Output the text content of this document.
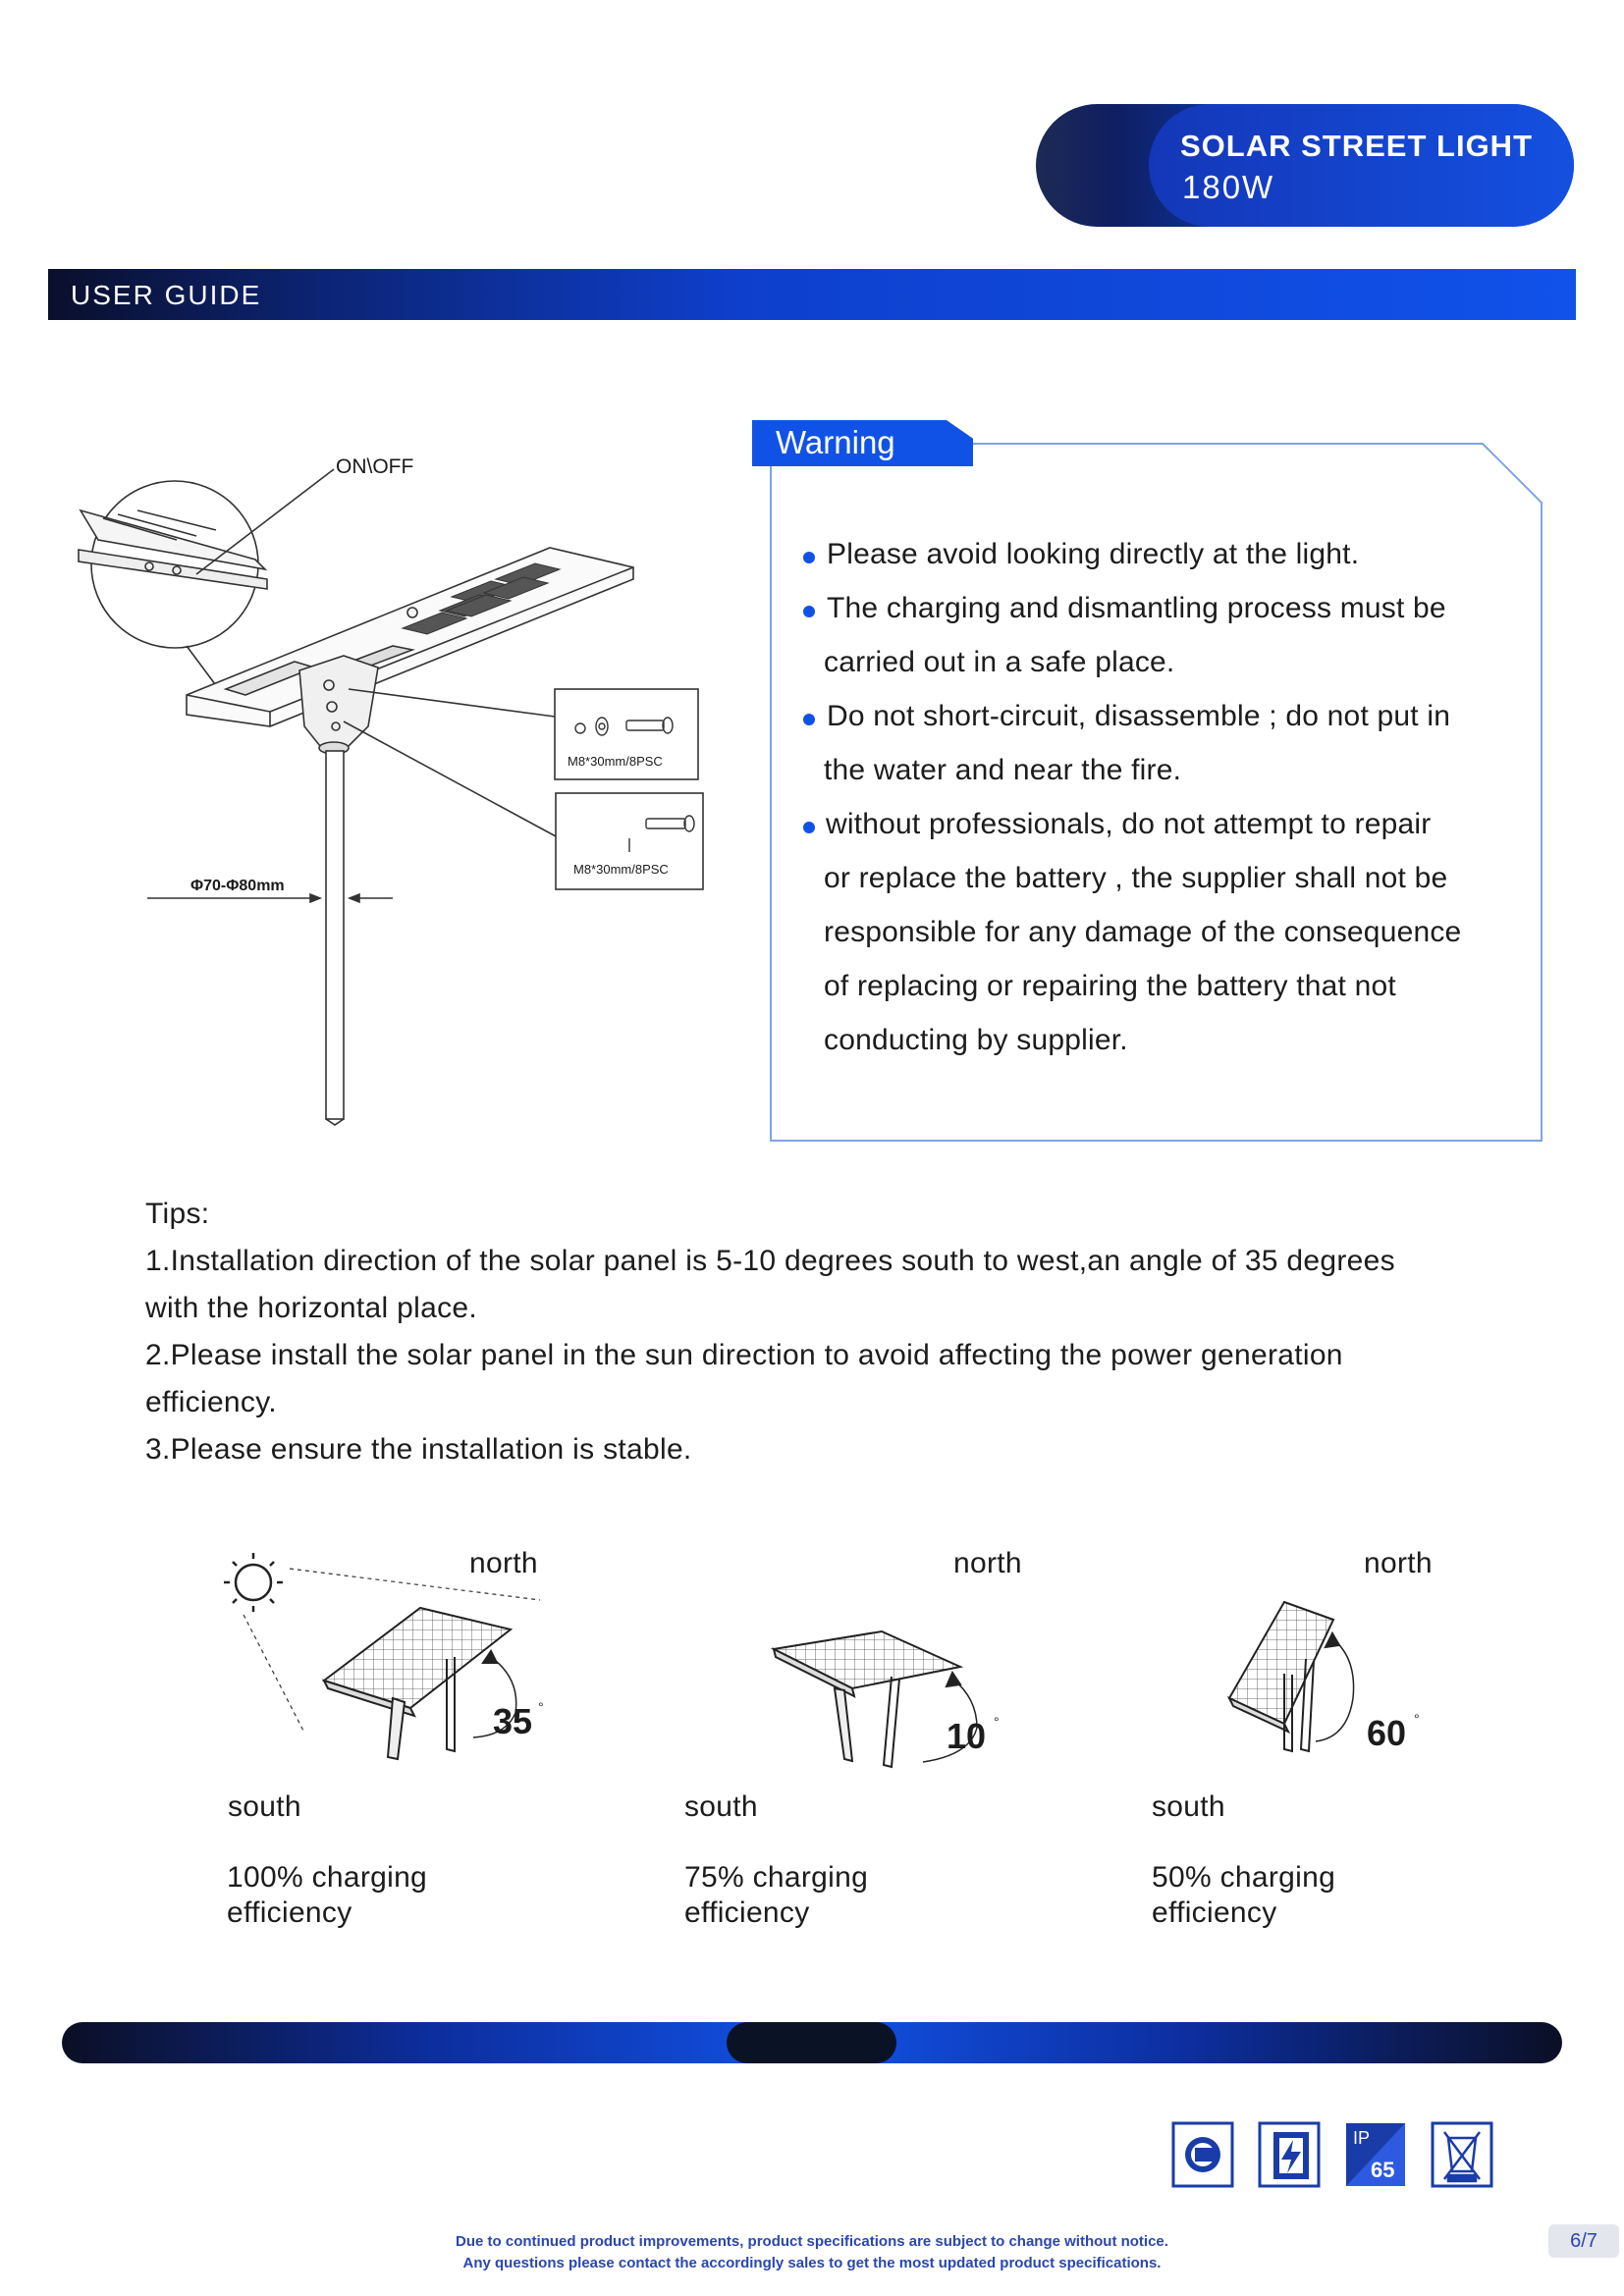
SOLAR STREET LIGHT
180W
USER GUIDE
ON\OFF
M8*30mm/8PSC
M8*30mm/8PSC
Φ70-Φ80mm
Warning
Please avoid looking directly at the light.
The charging and dismantling process must be
carried out in a safe place.
Do not short-circuit, disassemble ; do not put in
the water and near the fire.
without professionals, do not attempt to repair
or replace the battery , the supplier shall not be
responsible for any damage of the consequence
of replacing or repairing the battery that not
conducting by supplier.
Tips:
1.Installation direction of the solar panel is 5-10 degrees south to west,an angle of 35 degrees
with the horizontal place.
2.Please install the solar panel in the sun direction to avoid affecting the power generation
efficiency.
3.Please ensure the installation is stable.
north
35 °
south
100% charging
efficiency
north
10 °
south
75% charging
efficiency
north
60 °
south
50% charging
efficiency
IP
65
Due to continued product improvements, product specifications are subject to change without notice.
Any questions please contact the accordingly sales to get the most updated product specifications.
6/7
